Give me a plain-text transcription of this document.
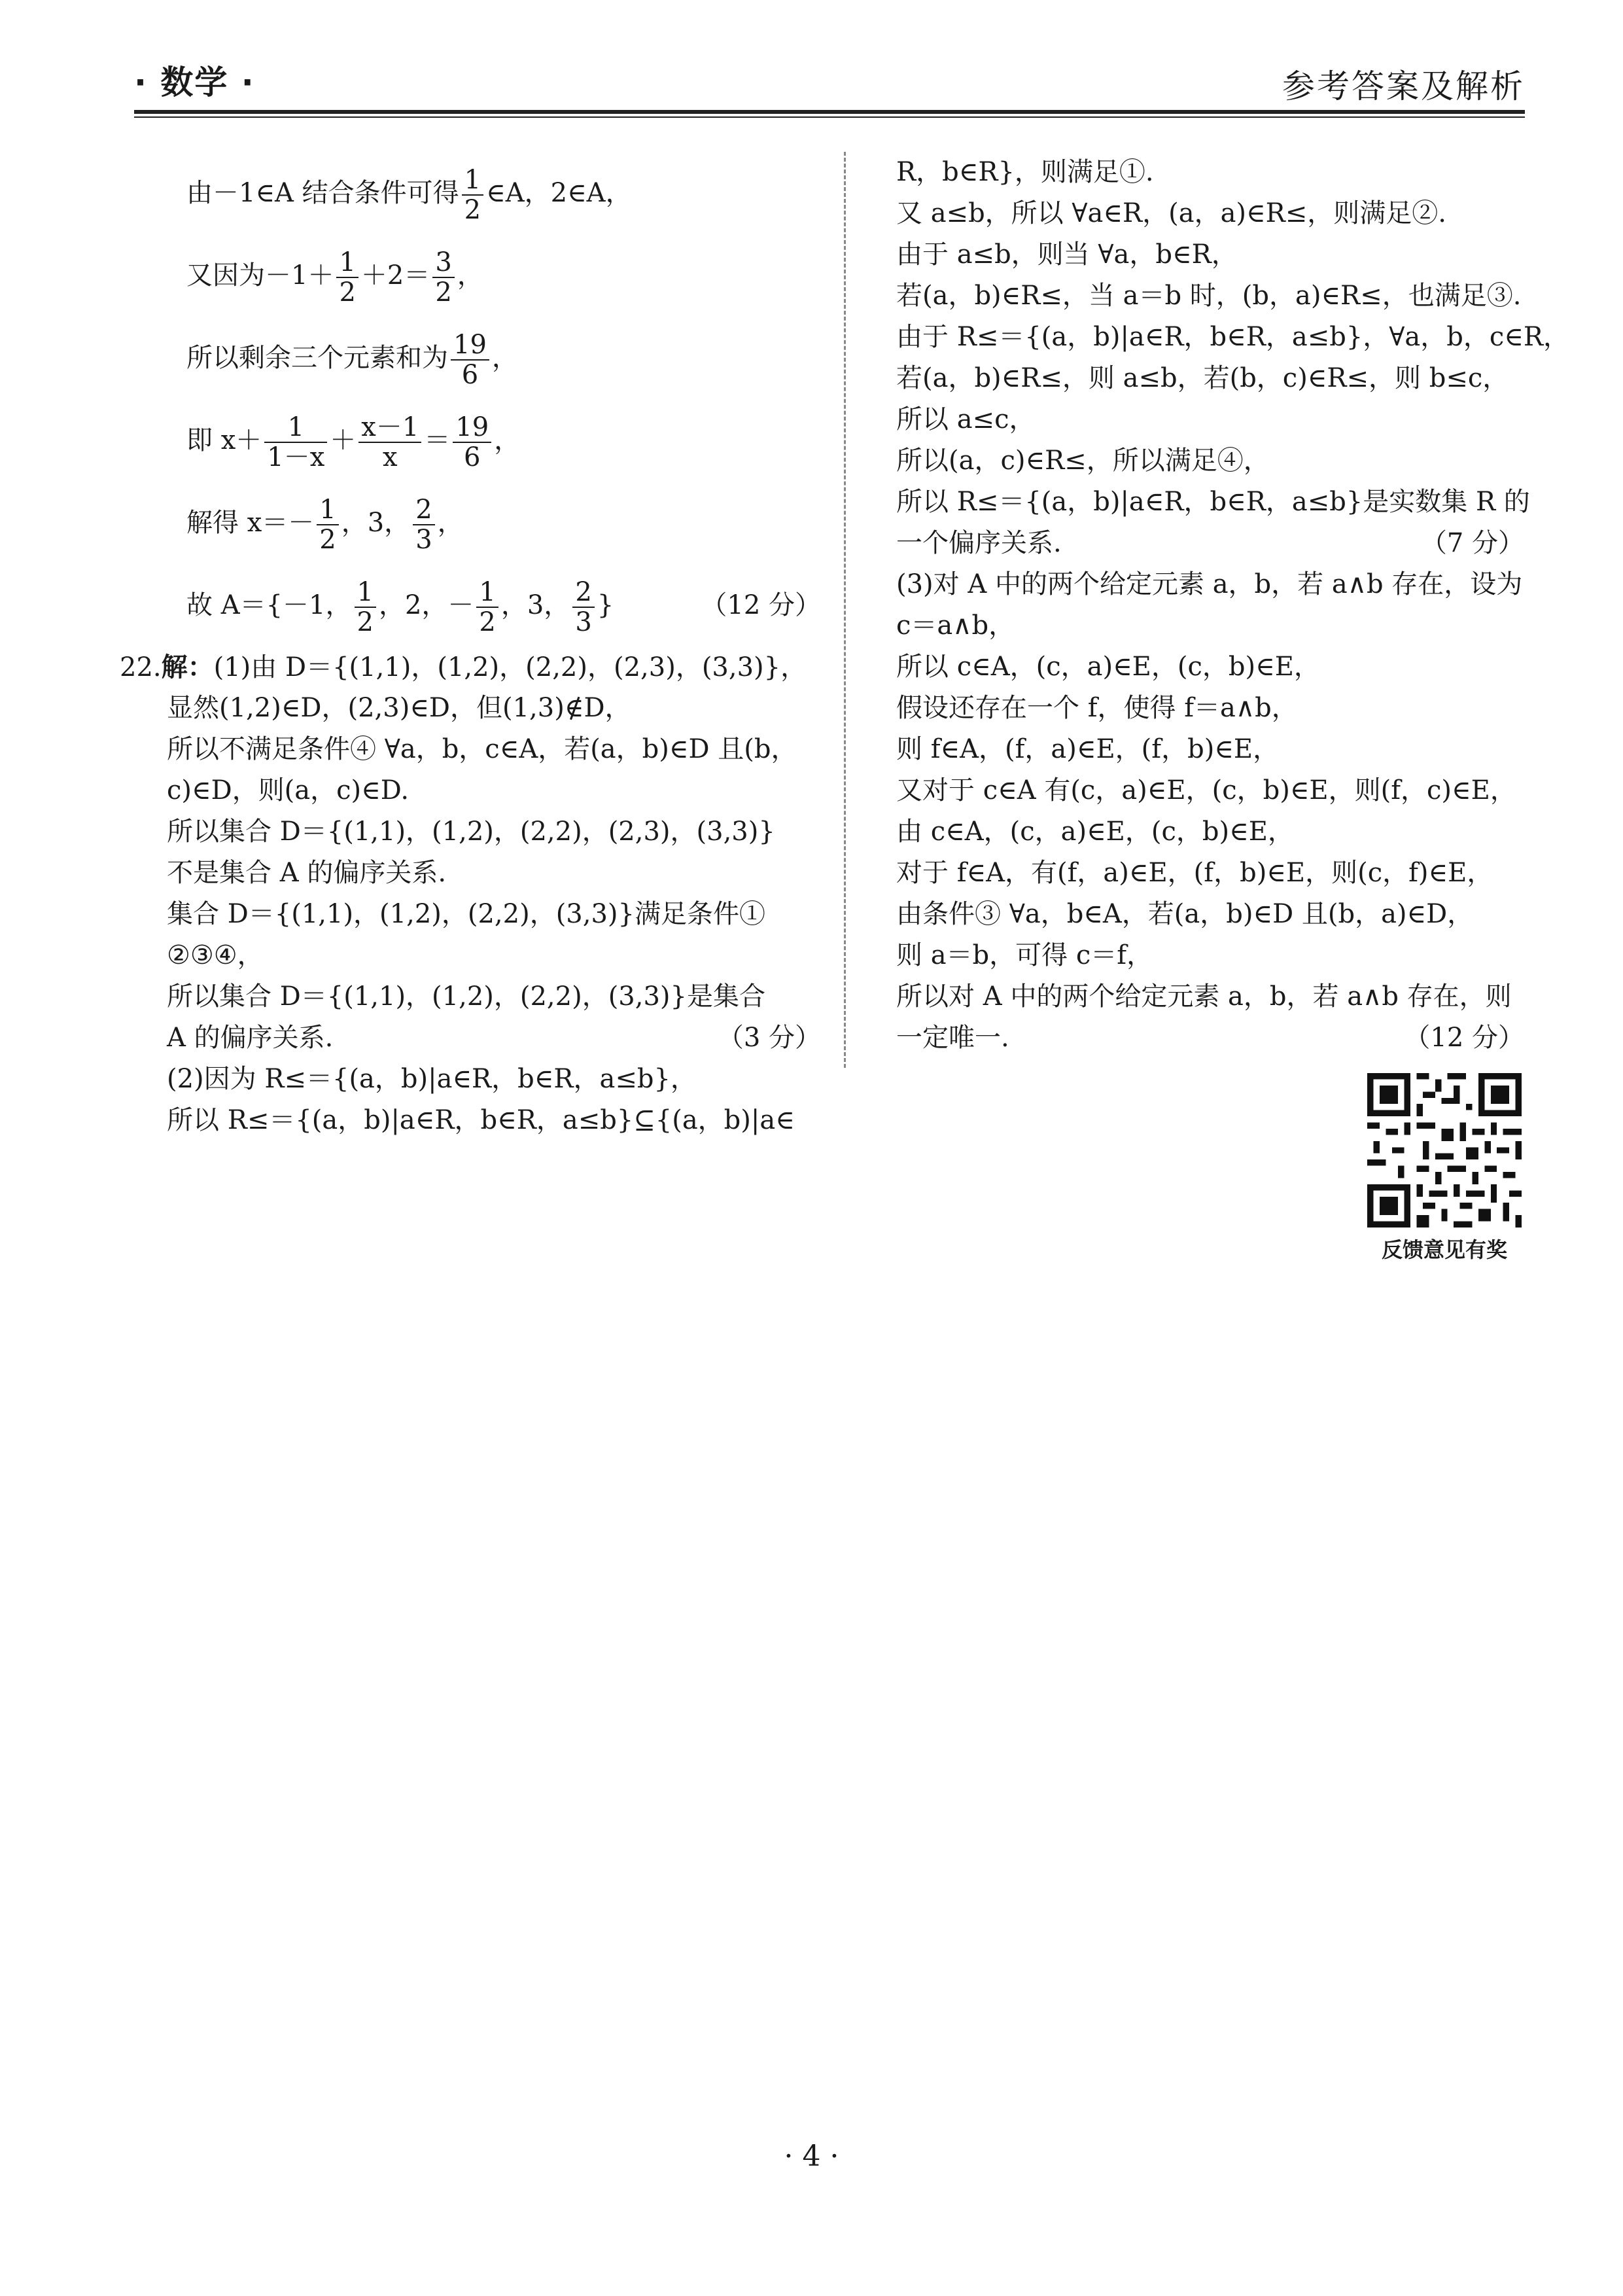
· 数学 ·	参考答案及解析
由－1∈A 结合条件可得 $\frac{1}{2}$ ∈A，2∈A，
又因为$-1+ \frac{1}{2} +2= \frac{3}{2}$ ，
所以剩余三个元素和为 $\frac{19}{6}$ ，
即 $x+ \frac{1}{1-x} + \frac{x-1}{x} = \frac{19}{6}$ ，
解得 $x=- \frac{1}{2}$ ，3， $\frac{2}{3}$ ，
故 A＝{－1， $\frac{1}{2}$ ，2，－ $\frac{1}{2}$ ，3， $\frac{2}{3}$ }	（12 分）
22.解：(1)由 D＝{(1,1)，(1,2)，(2,2)，(2,3)，(3,3)}，
显然(1,2)∈D，(2,3)∈D，但(1,3)∉D，
所以不满足条件④ ∀a，b，c∈A，若(a，b)∈D 且(b，
c)∈D，则(a，c)∈D.
所以集合 D＝{(1,1)，(1,2)，(2,2)，(2,3)，(3,3)}
不是集合 A 的偏序关系.
集合 D＝{(1,1)，(1,2)，(2,2)，(3,3)}满足条件①
②③④，
所以集合 D＝{(1,1)，(1,2)，(2,2)，(3,3)}是集合
A 的偏序关系.	（3 分）
(2)因为 R≤＝{(a，b)|a∈R，b∈R，a≤b}，
所以 R≤＝{(a，b)|a∈R，b∈R，a≤b}⊆{(a，b)|a∈
R，b∈R}，则满足①.
又 a≤b，所以 ∀a∈R，(a，a)∈R≤，则满足②.
由于 a≤b，则当 ∀a，b∈R，
若(a，b)∈R≤，当 a＝b 时，(b，a)∈R≤，也满足③.
由于 R≤＝{(a，b)|a∈R，b∈R，a≤b}，∀a，b，c∈R，
若(a，b)∈R≤，则 a≤b，若(b，c)∈R≤，则 b≤c，
所以 a≤c，
所以(a，c)∈R≤，所以满足④，
所以 R≤＝{(a，b)|a∈R，b∈R，a≤b}是实数集 R 的
一个偏序关系.	（7 分）
(3)对 A 中的两个给定元素 a，b，若 a∧b 存在，设为
c＝a∧b，
所以 c∈A，(c，a)∈E，(c，b)∈E，
假设还存在一个 f，使得 f＝a∧b，
则 f∈A，(f，a)∈E，(f，b)∈E，
又对于 c∈A 有(c，a)∈E，(c，b)∈E，则(f，c)∈E，
由 c∈A，(c，a)∈E，(c，b)∈E，
对于 f∈A，有(f，a)∈E，(f，b)∈E，则(c，f)∈E，
由条件③ ∀a，b∈A，若(a，b)∈D 且(b，a)∈D，
则 a＝b，可得 c＝f，
所以对 A 中的两个给定元素 a，b，若 a∧b 存在，则
一定唯一.	（12 分）
反馈意见有奖
· 4 ·
